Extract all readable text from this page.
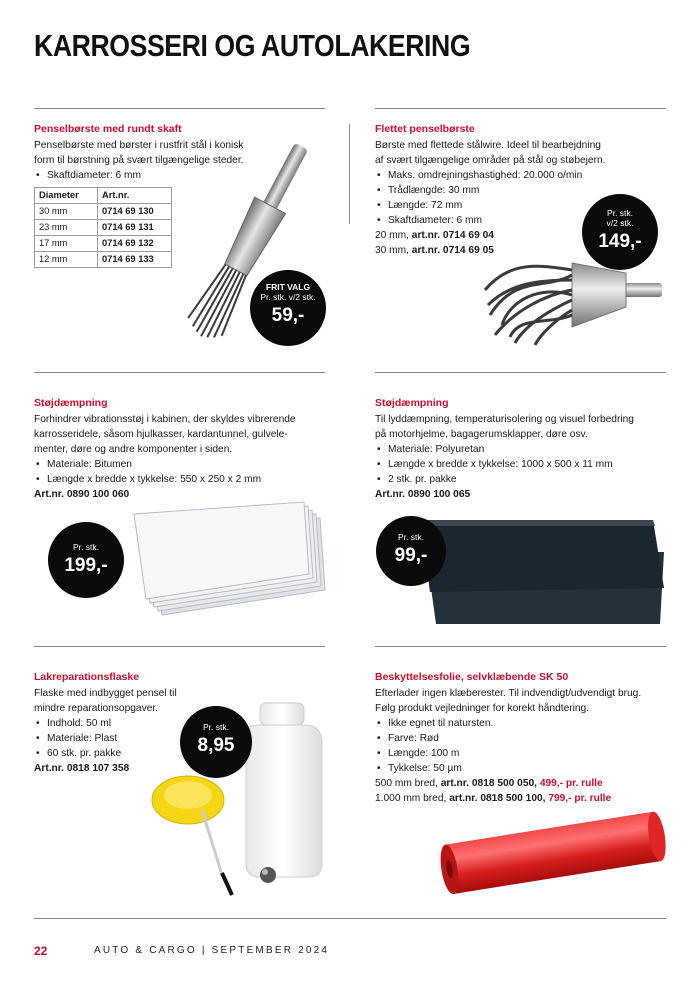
KARROSSERI OG AUTOLAKERING
Penselbørste med rundt skaft
Penselbørste med børster i rustfrit stål i konisk
form til børstning på svært tilgængelige steder.
• Skaftdiameter: 6 mm
Diameter	Art.nr.
30 mm	0714 69 130
23 mm	0714 69 131
17 mm	0714 69 132
12 mm	0714 69 133
FRIT VALG
Pr. stk. v/2 stk.
59,-
Flettet penselbørste
Børste med flettede stålwire. Ideel til bearbejdning
af svært tilgængelige områder på stål og støbejern.
• Maks. omdrejningshastighed: 20.000 o/min
• Trådlængde: 30 mm
• Længde: 72 mm
• Skaftdiameter: 6 mm
20 mm, art.nr. 0714 69 04
30 mm, art.nr. 0714 69 05
Pr. stk.
v/2 stk.
149,-
Støjdæmpning
Forhindrer vibrationsstøj i kabinen, der skyldes vibrerende
karrosseridele, såsom hjulkasser, kardantunnel, gulvele-
menter, døre og andre komponenter i siden.
• Materiale: Bitumen
• Længde x bredde x tykkelse: 550 x 250 x 2 mm
Art.nr. 0890 100 060
Pr. stk.
199,-
Støjdæmpning
Til lyddæmpning, temperaturisolering og visuel forbedring
på motorhjelme, bagagerumsklapper, døre osv.
• Materiale: Polyuretan
• Længde x bredde x tykkelse: 1000 x 500 x 11 mm
• 2 stk. pr. pakke
Art.nr. 0890 100 065
Pr. stk.
99,-
Lakreparationsflaske
Flaske med indbygget pensel til
mindre reparationsopgaver.
• Indhold: 50 ml
• Materiale: Plast
• 60 stk. pr. pakke
Art.nr. 0818 107 358
Pr. stk.
8,95
Beskyttelsesfolie, selvklæbende SK 50
Efterlader ingen klæberester. Til indvendigt/udvendigt brug.
Følg produkt vejledninger for korekt håndtering.
• Ikke egnet til natursten.
• Farve: Rød
• Længde: 100 m
• Tykkelse: 50 µm
500 mm bred, art.nr. 0818 500 050, 499,- pr. rulle
1.000 mm bred, art.nr. 0818 500 100, 799,- pr. rulle
22	AUTO & CARGO | SEPTEMBER 2024
